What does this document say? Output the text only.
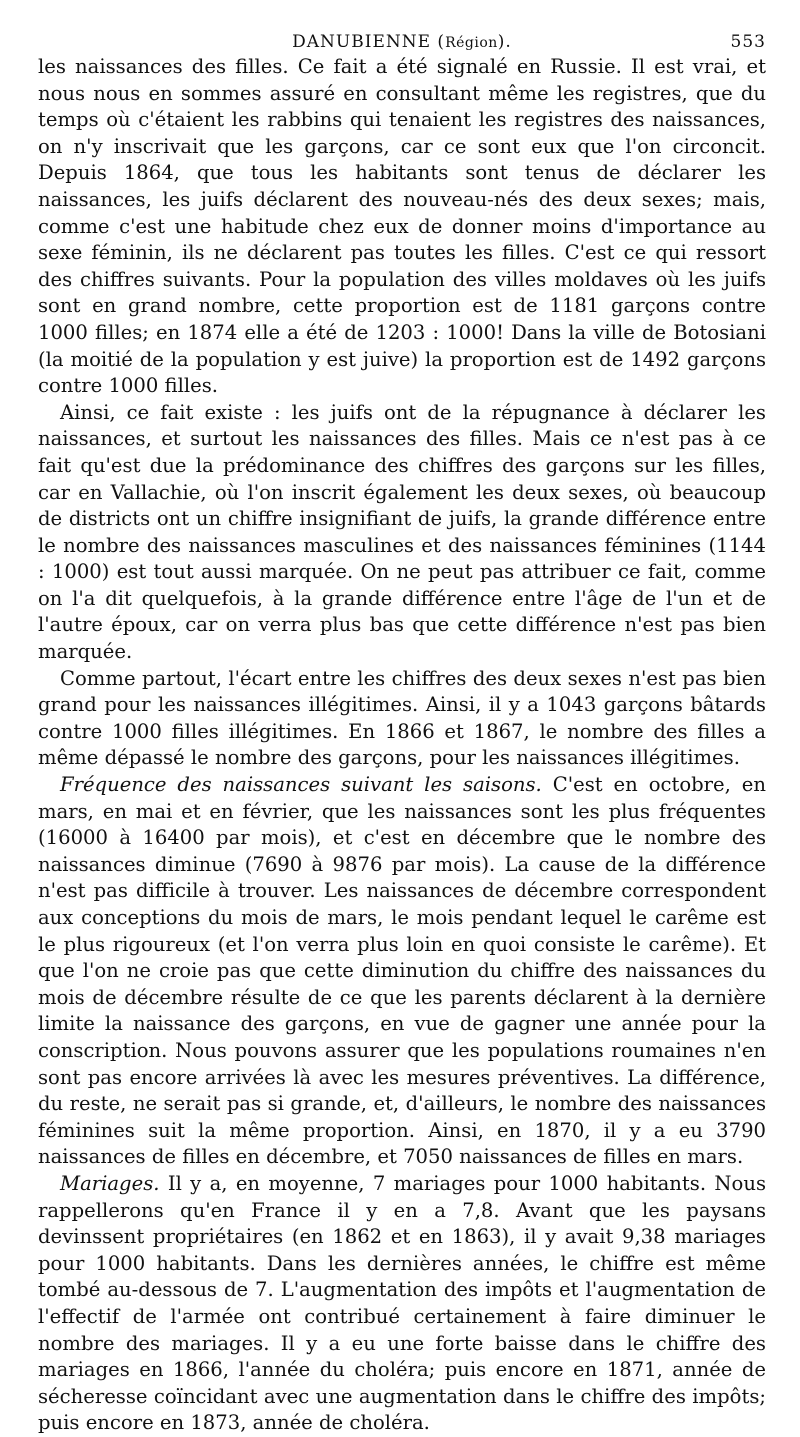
DANUBIENNE (Région).	553

les naissances des filles. Ce fait a été signalé en Russie. Il est vrai, et nous nous en sommes assuré en consultant même les registres, que du temps où c'étaient les rabbins qui tenaient les registres des naissances, on n'y inscrivait que les garçons, car ce sont eux que l'on circoncit. Depuis 1864, que tous les habitants sont tenus de déclarer les naissances, les juifs déclarent des nouveau-nés des deux sexes; mais, comme c'est une habitude chez eux de donner moins d'importance au sexe féminin, ils ne déclarent pas toutes les filles. C'est ce qui ressort des chiffres suivants. Pour la population des villes moldaves où les juifs sont en grand nombre, cette proportion est de 1181 garçons contre 1000 filles; en 1874 elle a été de 1203 : 1000! Dans la ville de Botosiani (la moitié de la population y est juive) la proportion est de 1492 garçons contre 1000 filles.

Ainsi, ce fait existe : les juifs ont de la répugnance à déclarer les naissances, et surtout les naissances des filles. Mais ce n'est pas à ce fait qu'est due la prédominance des chiffres des garçons sur les filles, car en Vallachie, où l'on inscrit également les deux sexes, où beaucoup de districts ont un chiffre insignifiant de juifs, la grande différence entre le nombre des naissances masculines et des naissances féminines (1144 : 1000) est tout aussi marquée. On ne peut pas attribuer ce fait, comme on l'a dit quelquefois, à la grande différence entre l'âge de l'un et de l'autre époux, car on verra plus bas que cette différence n'est pas bien marquée.

Comme partout, l'écart entre les chiffres des deux sexes n'est pas bien grand pour les naissances illégitimes. Ainsi, il y a 1043 garçons bâtards contre 1000 filles illégitimes. En 1866 et 1867, le nombre des filles a même dépassé le nombre des garçons, pour les naissances illégitimes.

Fréquence des naissances suivant les saisons. C'est en octobre, en mars, en mai et en février, que les naissances sont les plus fréquentes (16000 à 16400 par mois), et c'est en décembre que le nombre des naissances diminue (7690 à 9876 par mois). La cause de la différence n'est pas difficile à trouver. Les naissances de décembre correspondent aux conceptions du mois de mars, le mois pendant lequel le carême est le plus rigoureux (et l'on verra plus loin en quoi consiste le carême). Et que l'on ne croie pas que cette diminution du chiffre des naissances du mois de décembre résulte de ce que les parents déclarent à la dernière limite la naissance des garçons, en vue de gagner une année pour la conscription. Nous pouvons assurer que les populations roumaines n'en sont pas encore arrivées là avec les mesures préventives. La différence, du reste, ne serait pas si grande, et, d'ailleurs, le nombre des naissances féminines suit la même proportion. Ainsi, en 1870, il y a eu 3790 naissances de filles en décembre, et 7050 naissances de filles en mars.

Mariages. Il y a, en moyenne, 7 mariages pour 1000 habitants. Nous rappellerons qu'en France il y en a 7,8. Avant que les paysans devinssent propriétaires (en 1862 et en 1863), il y avait 9,38 mariages pour 1000 habitants. Dans les dernières années, le chiffre est même tombé au-dessous de 7. L'augmentation des impôts et l'augmentation de l'effectif de l'armée ont contribué certainement à faire diminuer le nombre des mariages. Il y a eu une forte baisse dans le chiffre des mariages en 1866, l'année du choléra; puis encore en 1871, année de sécheresse coïncidant avec une augmentation dans le chiffre des impôts; puis encore en 1873, année de choléra.
